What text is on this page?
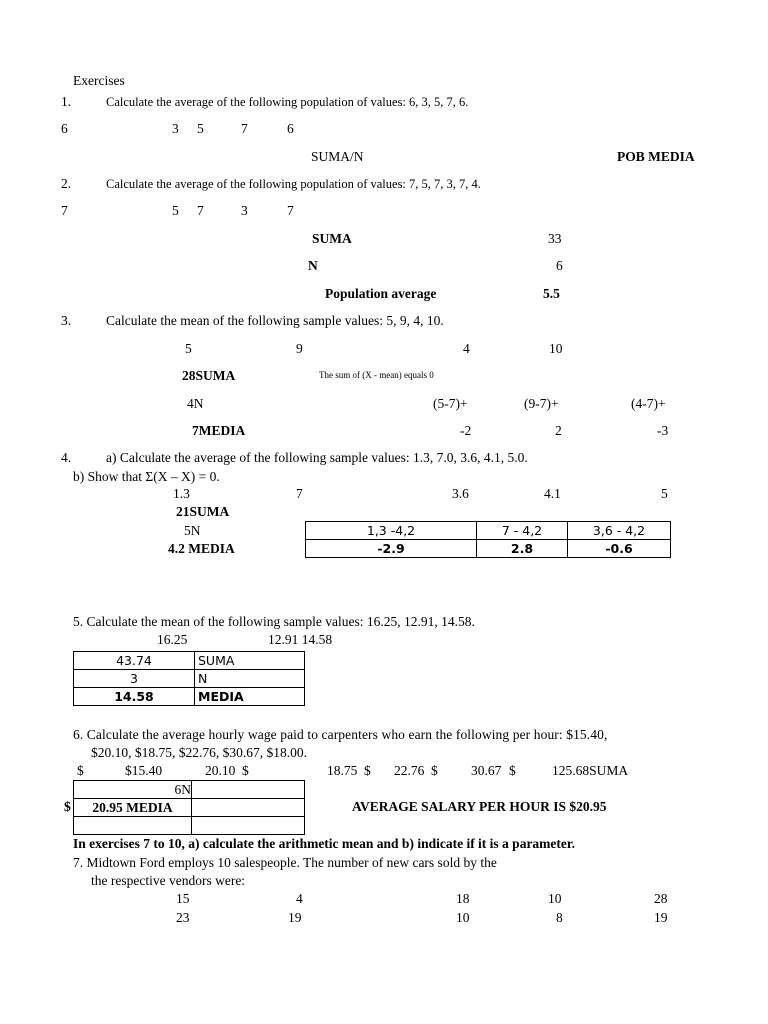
Exercises
1.	Calculate the average of the following population of values: 6, 3, 5, 7, 6.
6	3 5	7	6
SUMA/N	POB MEDIA
2.	Calculate the average of the following population of values: 7, 5, 7, 3, 7, 4.
7	5 7	3	7
SUMA	33
N	6
Population average	5.5
3.	Calculate the mean of the following sample values: 5, 9, 4, 10.
5	9	4	10
28SUMA	The sum of (X - mean) equals 0
4N	(5-7)+	(9-7)+	(4-7)+
7MEDIA	-2	2	-3
4.	a) Calculate the average of the following sample values: 1.3, 7.0, 3.6, 4.1, 5.0.
b) Show that Σ(X – X) = 0.
1.3	7	3.6	4.1	5
21SUMA
5N
4.2 MEDIA
1,3 -4,2	7 - 4,2	3,6 - 4,2
-2.9	2.8	-0.6
5. Calculate the mean of the following sample values: 16.25, 12.91, 14.58.
16.25	12.91 14.58
43.74	SUMA
3	N
14.58	MEDIA
6. Calculate the average hourly wage paid to carpenters who earn the following per hour: $15.40,
$20.10, $18.75, $22.76, $30.67, $18.00.
$	$15.40	20.10 $	18.75 $ 22.76 $ 30.67 $	125.68SUMA
6N	
20.95 MEDIA	

$	AVERAGE SALARY PER HOUR IS $20.95
In exercises 7 to 10, a) calculate the arithmetic mean and b) indicate if it is a parameter.
7. Midtown Ford employs 10 salespeople. The number of new cars sold by the
the respective vendors were:
15	4	18	10	28
23	19	10	8	19
